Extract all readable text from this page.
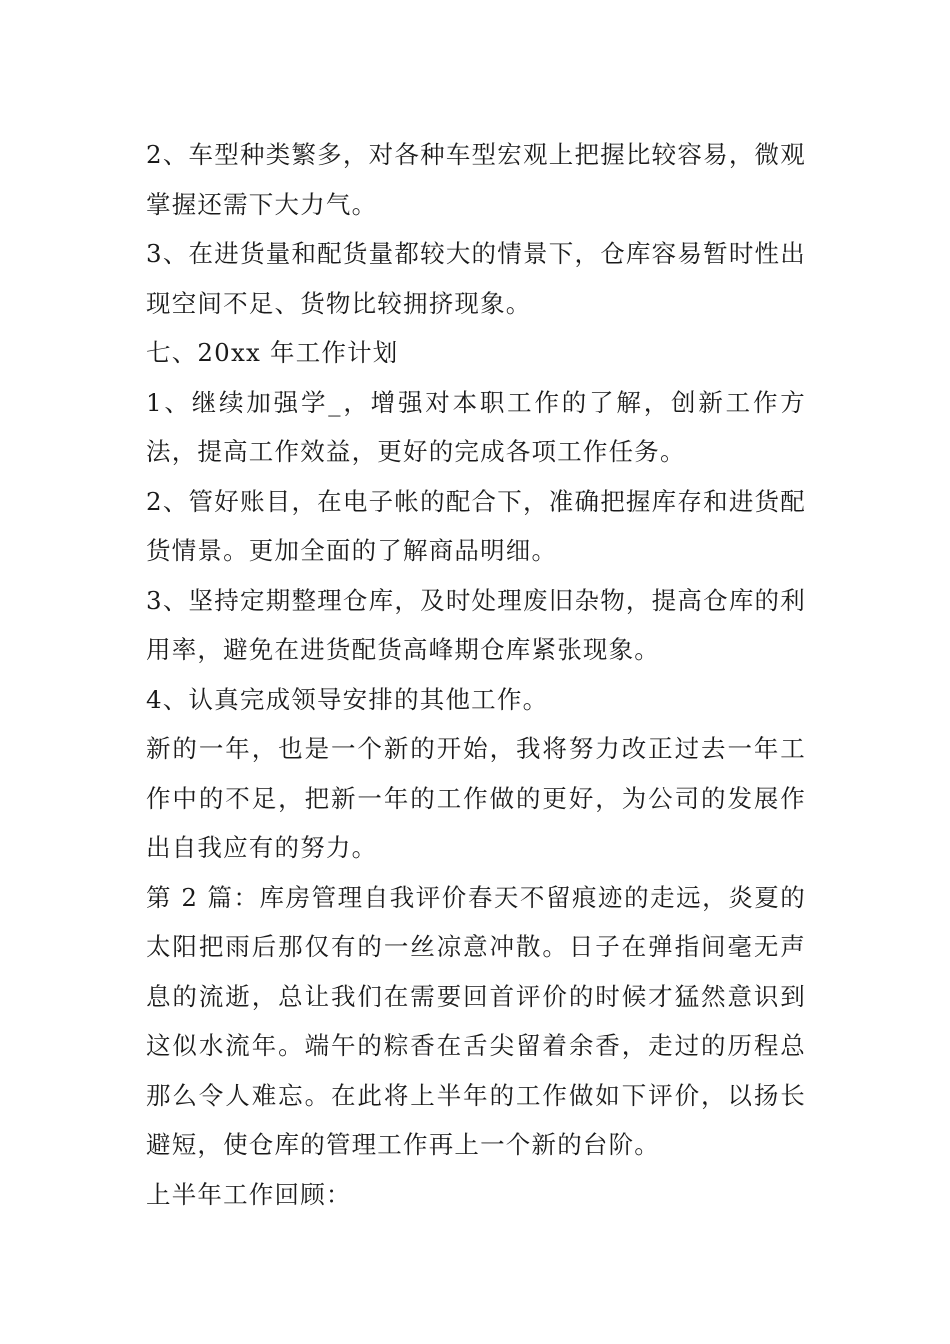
2、车型种类繁多，对各种车型宏观上把握比较容易，微观掌握还需下大力气。

3、在进货量和配货量都较大的情景下，仓库容易暂时性出现空间不足、货物比较拥挤现象。

七、20xx 年工作计划

1、继续加强学_，增强对本职工作的了解，创新工作方法，提高工作效益，更好的完成各项工作任务。

2、管好账目，在电子帐的配合下，准确把握库存和进货配货情景。更加全面的了解商品明细。

3、坚持定期整理仓库，及时处理废旧杂物，提高仓库的利用率，避免在进货配货高峰期仓库紧张现象。

4、认真完成领导安排的其他工作。

新的一年，也是一个新的开始，我将努力改正过去一年工作中的不足，把新一年的工作做的更好，为公司的发展作出自我应有的努力。

第 2 篇：库房管理自我评价春天不留痕迹的走远，炎夏的太阳把雨后那仅有的一丝凉意冲散。日子在弹指间毫无声息的流逝，总让我们在需要回首评价的时候才猛然意识到这似水流年。端午的粽香在舌尖留着余香，走过的历程总那么令人难忘。在此将上半年的工作做如下评价，以扬长避短，使仓库的管理工作再上一个新的台阶。

上半年工作回顾：
